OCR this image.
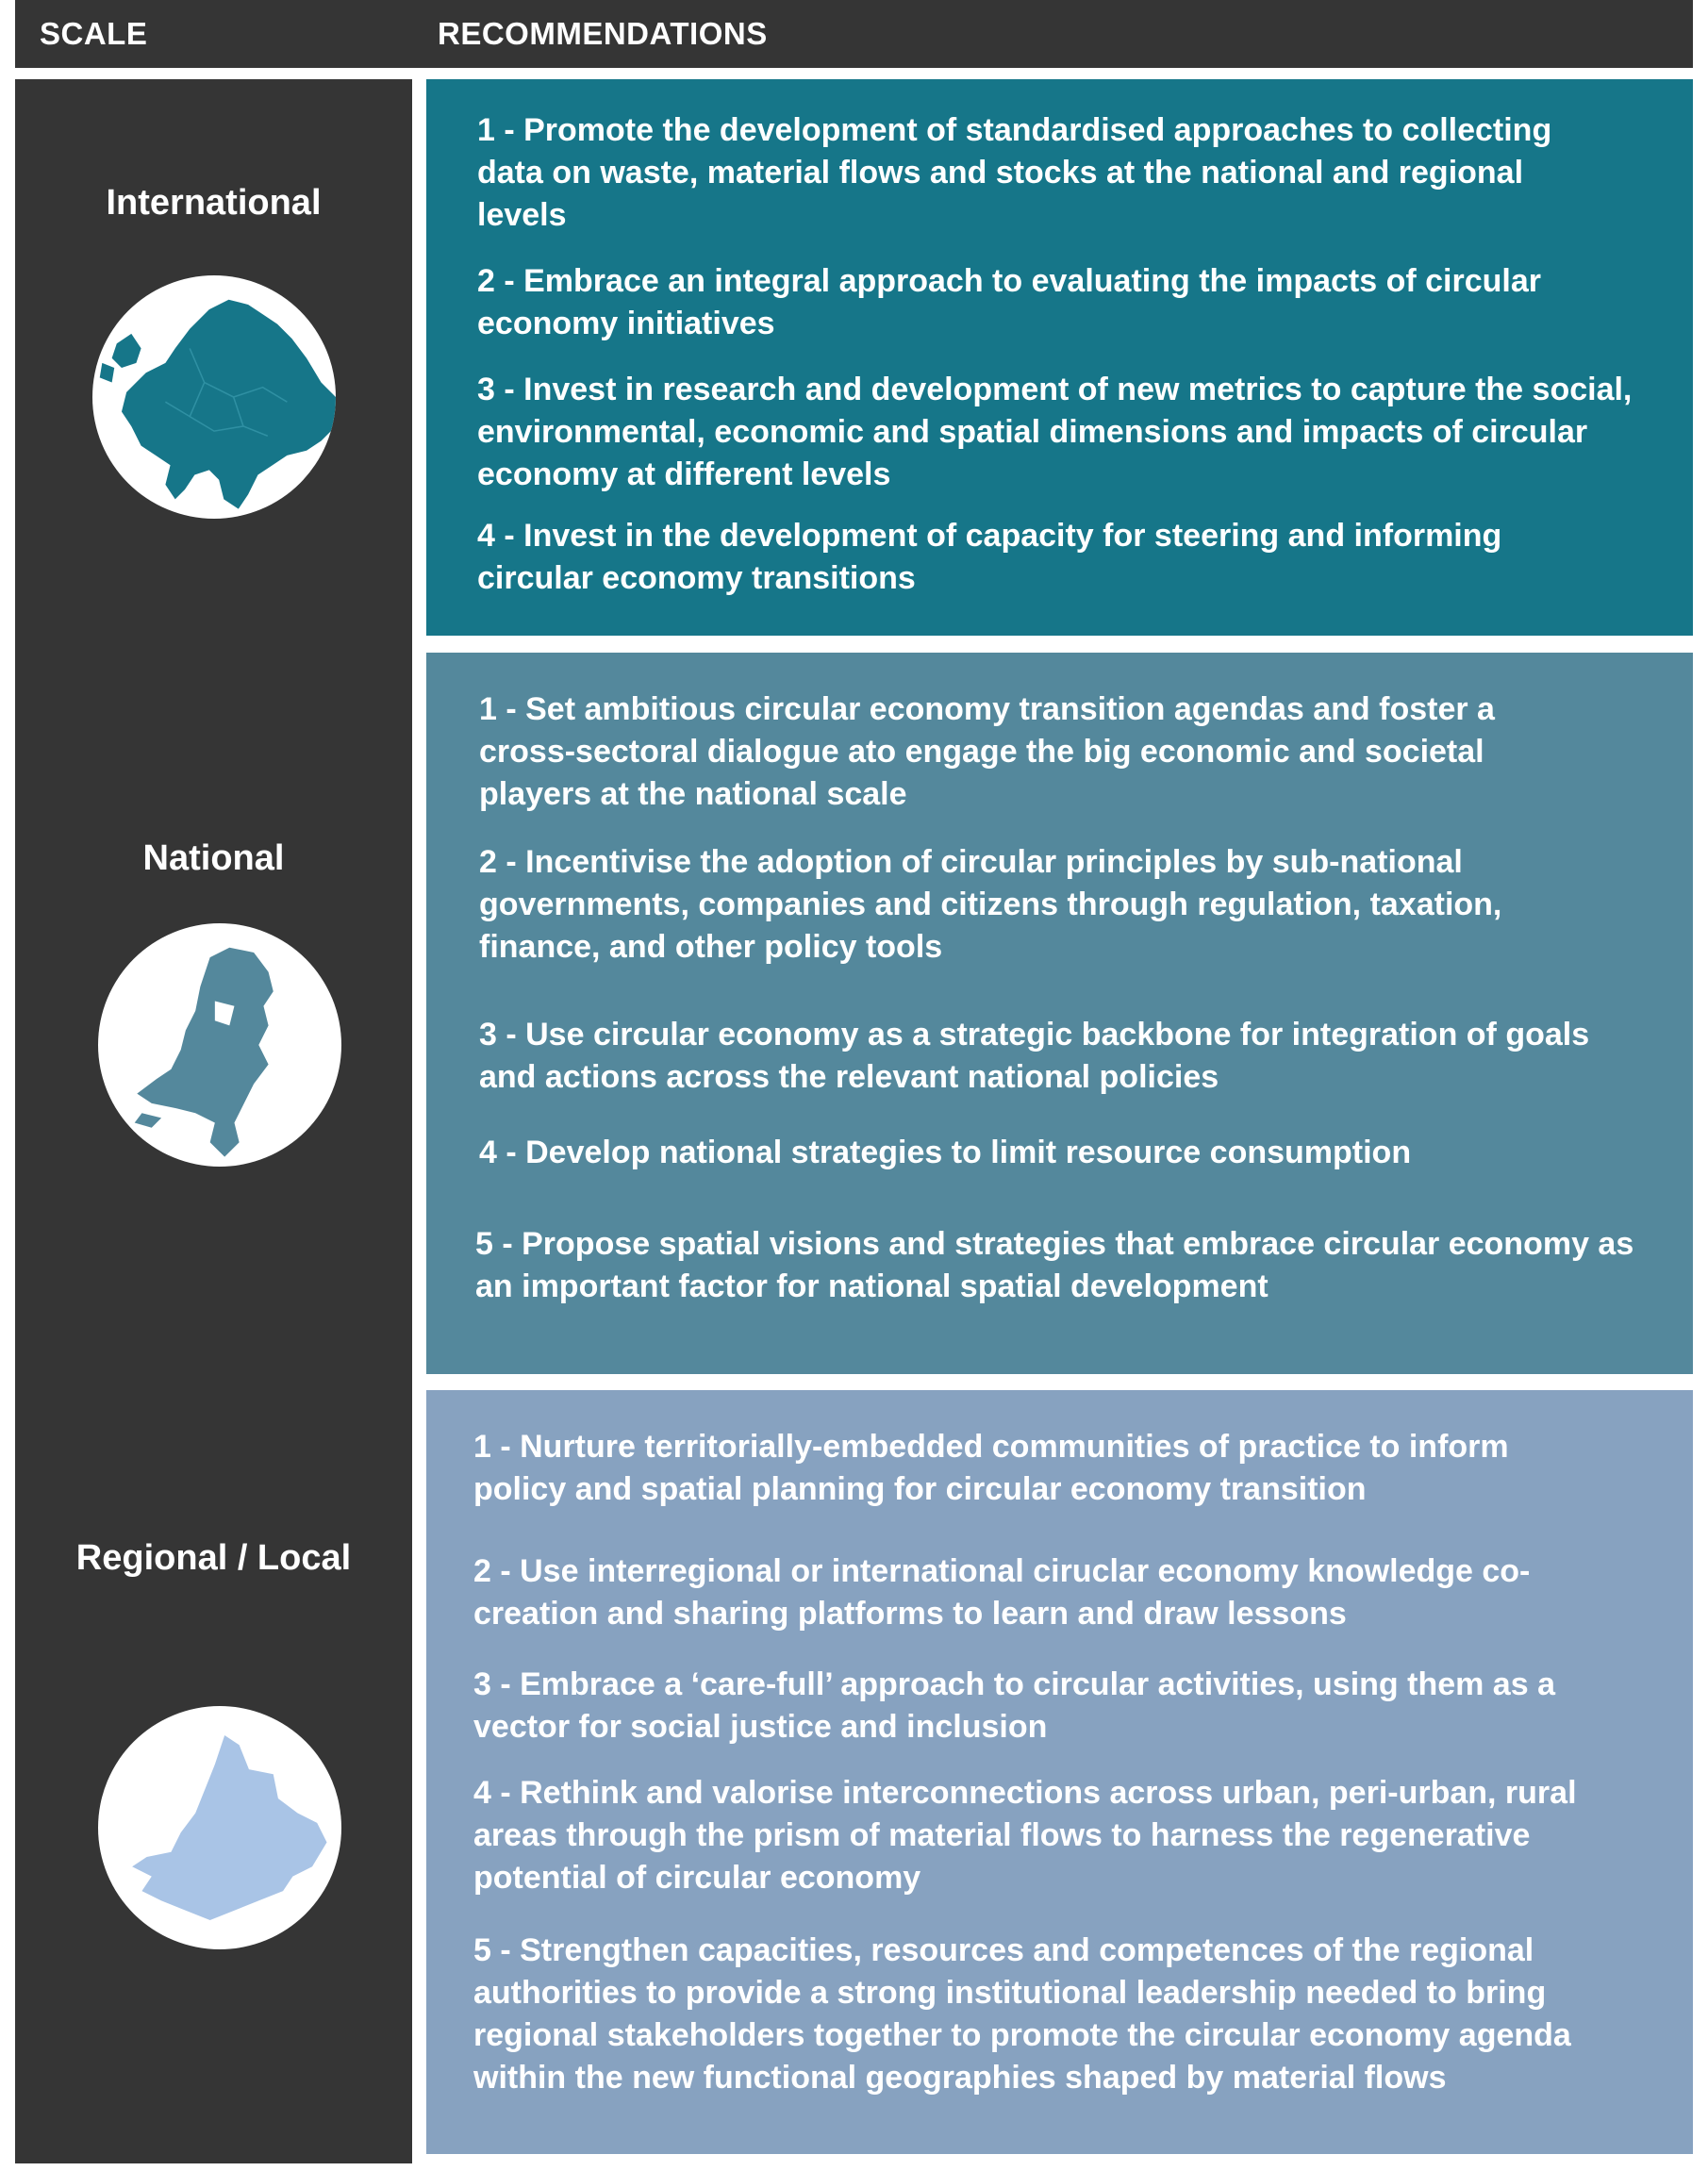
SCALE	RECOMMENDATIONS
International
National
Regional / Local

1 - Promote the development of standardised approaches to collecting data on waste, material flows and stocks at the national and regional levels

2 - Embrace an integral approach to evaluating the impacts of circular economy initiatives

3 - Invest in research and development of new metrics to capture the social, environmental, economic and spatial dimensions and impacts of circular economy at different levels

4 - Invest in the development of capacity for steering and informing circular economy transitions

1 - Set ambitious circular economy transition agendas and foster a cross-sectoral dialogue ato engage the big economic and societal players at the national scale

2 - Incentivise the adoption of circular principles by sub-national governments, companies and citizens through regulation, taxation, finance, and other policy tools

3 - Use circular economy as a strategic backbone for integration of goals and actions across the relevant national policies

4 - Develop national strategies to limit resource consumption

5 - Propose spatial visions and strategies that embrace circular economy as an important factor for national spatial development

1 - Nurture territorially-embedded communities of practice to inform policy and spatial planning for circular economy transition

2 - Use interregional or international ciruclar economy knowledge co-creation and sharing platforms to learn and draw lessons

3 - Embrace a ‘care-full’ approach to circular activities, using them as a vector for social justice and inclusion

4 - Rethink and valorise interconnections across urban, peri-urban, rural areas through the prism of material flows to harness the regenerative potential of circular economy

5 - Strengthen capacities, resources and competences of the regional authorities to provide a strong institutional leadership needed to bring regional stakeholders together to promote the circular economy agenda within the new functional geographies shaped by material flows
